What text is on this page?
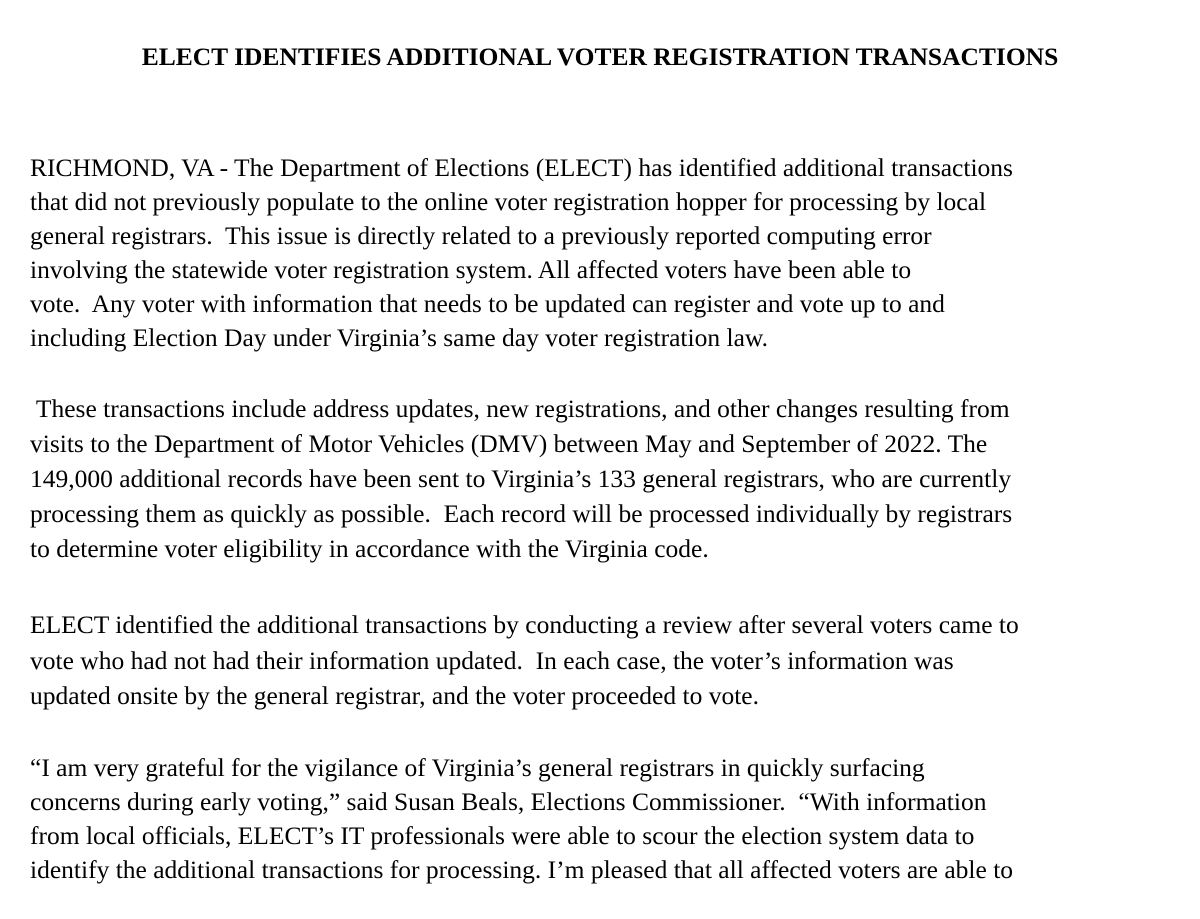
ELECT IDENTIFIES ADDITIONAL VOTER REGISTRATION TRANSACTIONS

RICHMOND, VA - The Department of Elections (ELECT) has identified additional transactions

that did not previously populate to the online voter registration hopper for processing by local

general registrars.  This issue is directly related to a previously reported computing error

involving the statewide voter registration system. All affected voters have been able to

vote.  Any voter with information that needs to be updated can register and vote up to and

including Election Day under Virginia’s same day voter registration law.

These transactions include address updates, new registrations, and other changes resulting from

visits to the Department of Motor Vehicles (DMV) between May and September of 2022. The

149,000 additional records have been sent to Virginia’s 133 general registrars, who are currently

processing them as quickly as possible.  Each record will be processed individually by registrars

to determine voter eligibility in accordance with the Virginia code.

ELECT identified the additional transactions by conducting a review after several voters came to

vote who had not had their information updated.  In each case, the voter’s information was

updated onsite by the general registrar, and the voter proceeded to vote.

“I am very grateful for the vigilance of Virginia’s general registrars in quickly surfacing

concerns during early voting,” said Susan Beals, Elections Commissioner.  “With information

from local officials, ELECT’s IT professionals were able to scour the election system data to

identify the additional transactions for processing. I’m pleased that all affected voters are able to
